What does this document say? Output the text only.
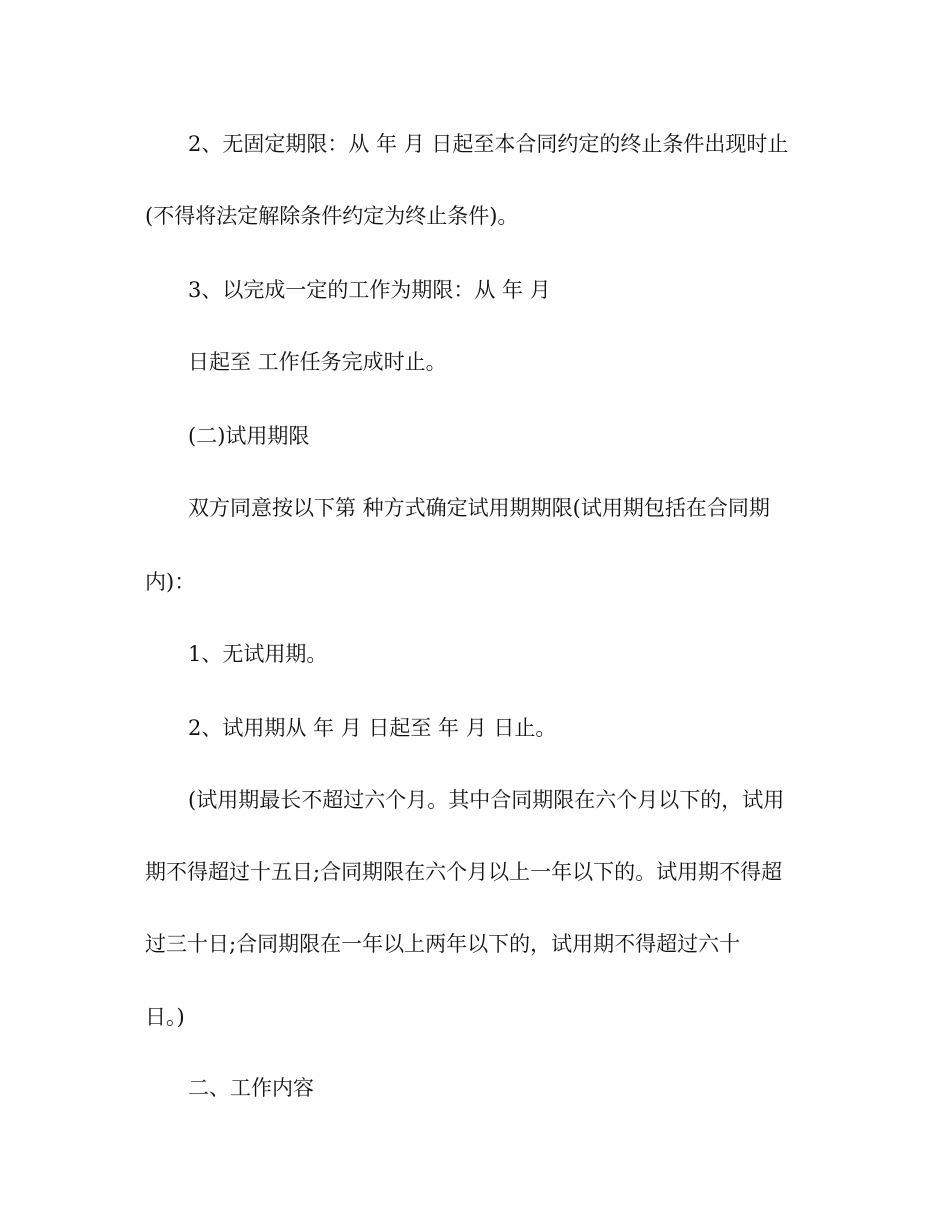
2、无固定期限：从 年 月 日起至本合同约定的终止条件出现时止

(不得将法定解除条件约定为终止条件)。

3、以完成一定的工作为期限：从 年 月

日起至 工作任务完成时止。

(二)试用期限

双方同意按以下第 种方式确定试用期期限(试用期包括在合同期

内)：

1、无试用期。

2、试用期从 年 月 日起至 年 月 日止。

(试用期最长不超过六个月。其中合同期限在六个月以下的，试用

期不得超过十五日;合同期限在六个月以上一年以下的。试用期不得超

过三十日;合同期限在一年以上两年以下的，试用期不得超过六十

日。)

二、工作内容
